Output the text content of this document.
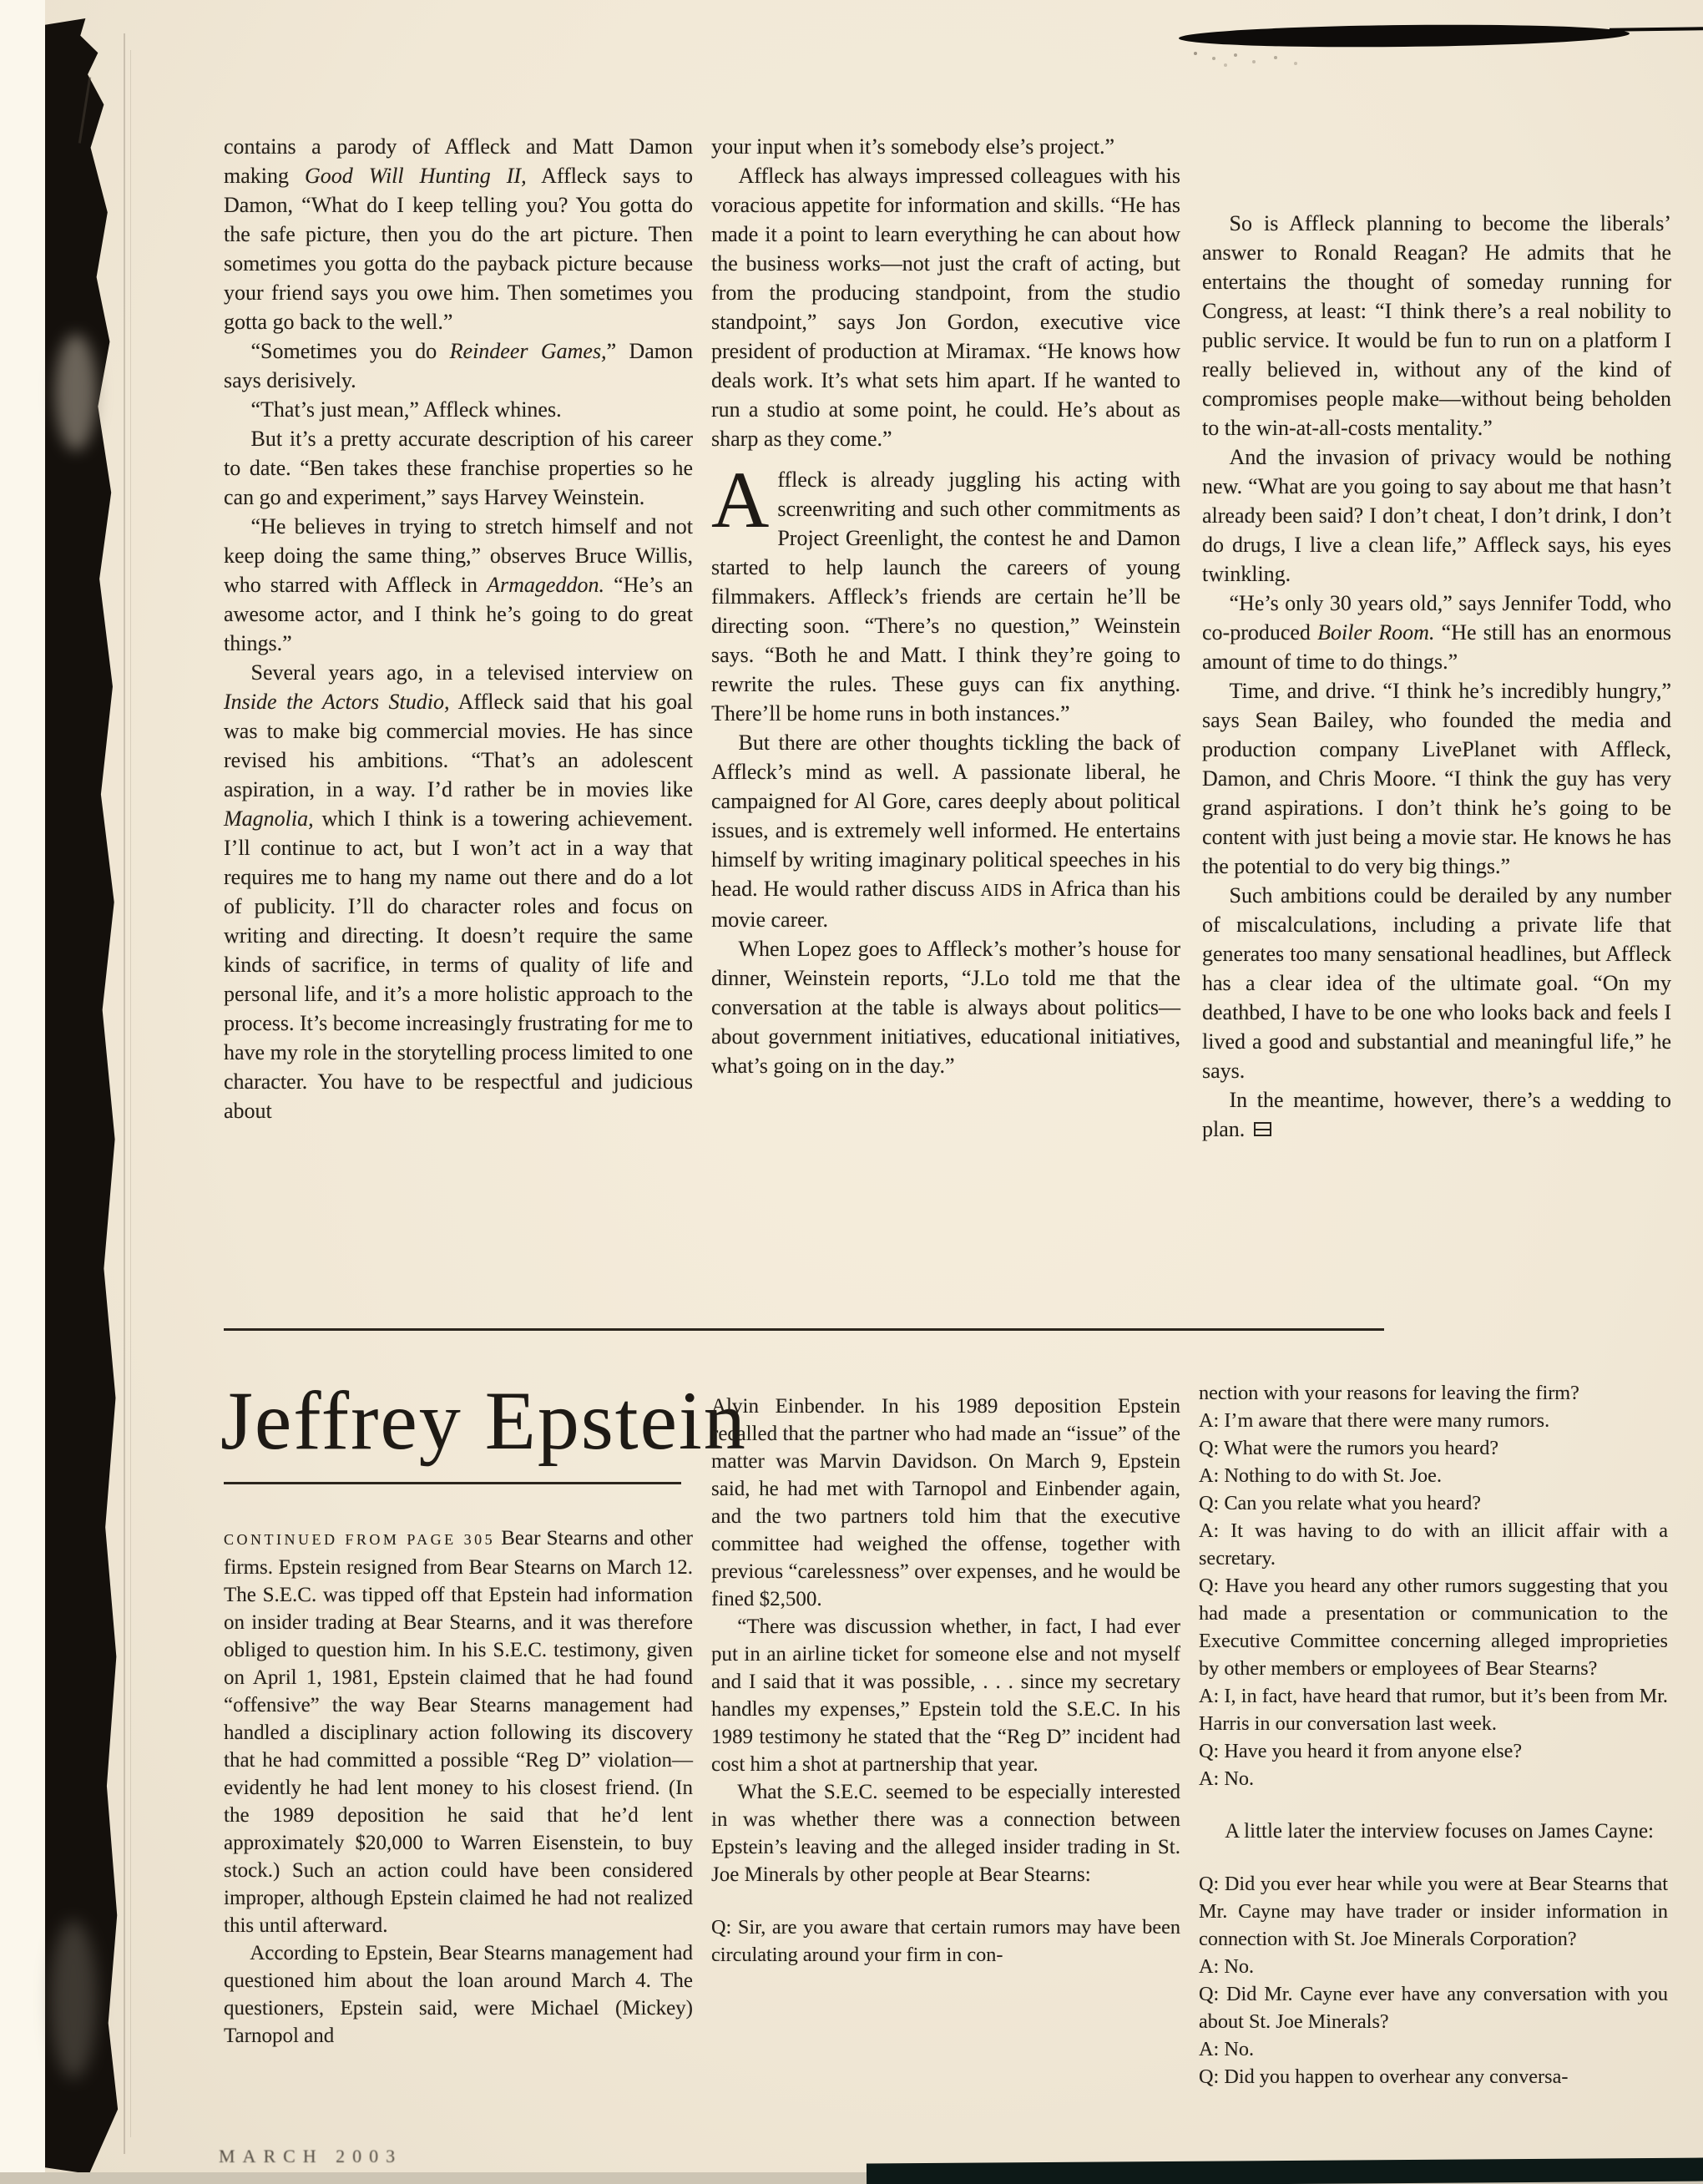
contains a parody of Affleck and Matt Damon making Good Will Hunting II, Affleck says to Damon, “What do I keep telling you? You gotta do the safe picture, then you do the art picture. Then sometimes you gotta do the payback picture because your friend says you owe him. Then sometimes you gotta go back to the well.”

“Sometimes you do Reindeer Games,” Damon says derisively.

“That’s just mean,” Affleck whines.

But it’s a pretty accurate description of his career to date. “Ben takes these franchise properties so he can go and experiment,” says Harvey Weinstein.

“He believes in trying to stretch himself and not keep doing the same thing,” observes Bruce Willis, who starred with Affleck in Armageddon. “He’s an awesome actor, and I think he’s going to do great things.”

Several years ago, in a televised interview on Inside the Actors Studio, Affleck said that his goal was to make big commercial movies. He has since revised his ambitions. “That’s an adolescent aspiration, in a way. I’d rather be in movies like Magnolia, which I think is a towering achievement. I’ll continue to act, but I won’t act in a way that requires me to hang my name out there and do a lot of publicity. I’ll do character roles and focus on writing and directing. It doesn’t require the same kinds of sacrifice, in terms of quality of life and personal life, and it’s a more holistic approach to the process. It’s become increasingly frustrating for me to have my role in the storytelling process limited to one character. You have to be respectful and judicious about

your input when it’s somebody else’s project.”

Affleck has always impressed colleagues with his voracious appetite for information and skills. “He has made it a point to learn everything he can about how the business works—not just the craft of acting, but from the producing standpoint, from the studio standpoint,” says Jon Gordon, executive vice president of production at Miramax. “He knows how deals work. It’s what sets him apart. If he wanted to run a studio at some point, he could. He’s about as sharp as they come.”

Affleck is already juggling his acting with screenwriting and such other commitments as Project Greenlight, the contest he and Damon started to help launch the careers of young filmmakers. Affleck’s friends are certain he’ll be directing soon. “There’s no question,” Weinstein says. “Both he and Matt. I think they’re going to rewrite the rules. These guys can fix anything. There’ll be home runs in both instances.”

But there are other thoughts tickling the back of Affleck’s mind as well. A passionate liberal, he campaigned for Al Gore, cares deeply about political issues, and is extremely well informed. He entertains himself by writing imaginary political speeches in his head. He would rather discuss AIDS in Africa than his movie career.

When Lopez goes to Affleck’s mother’s house for dinner, Weinstein reports, “J.Lo told me that the conversation at the table is always about politics—about government initiatives, educational initiatives, what’s going on in the day.”

So is Affleck planning to become the liberals’ answer to Ronald Reagan? He admits that he entertains the thought of someday running for Congress, at least: “I think there’s a real nobility to public service. It would be fun to run on a platform I really believed in, without any of the kind of compromises people make—without being beholden to the win-at-all-costs mentality.”

And the invasion of privacy would be nothing new. “What are you going to say about me that hasn’t already been said? I don’t cheat, I don’t drink, I don’t do drugs, I live a clean life,” Affleck says, his eyes twinkling.

“He’s only 30 years old,” says Jennifer Todd, who co-produced Boiler Room. “He still has an enormous amount of time to do things.”

Time, and drive. “I think he’s incredibly hungry,” says Sean Bailey, who founded the media and production company LivePlanet with Affleck, Damon, and Chris Moore. “I think the guy has very grand aspirations. I don’t think he’s going to be content with just being a movie star. He knows he has the potential to do very big things.”

Such ambitions could be derailed by any number of miscalculations, including a private life that generates too many sensational headlines, but Affleck has a clear idea of the ultimate goal. “On my deathbed, I have to be one who looks back and feels I lived a good and substantial and meaningful life,” he says.

In the meantime, however, there’s a wedding to plan.

Jeffrey Epstein

CONTINUED FROM PAGE 305 Bear Stearns and other firms. Epstein resigned from Bear Stearns on March 12. The S.E.C. was tipped off that Epstein had information on insider trading at Bear Stearns, and it was therefore obliged to question him. In his S.E.C. testimony, given on April 1, 1981, Epstein claimed that he had found “offensive” the way Bear Stearns management had handled a disciplinary action following its discovery that he had committed a possible “Reg D” violation—evidently he had lent money to his closest friend. (In the 1989 deposition he said that he’d lent approximately $20,000 to Warren Eisenstein, to buy stock.) Such an action could have been considered improper, although Epstein claimed he had not realized this until afterward.

According to Epstein, Bear Stearns management had questioned him about the loan around March 4. The questioners, Epstein said, were Michael (Mickey) Tarnopol and

Alvin Einbender. In his 1989 deposition Epstein recalled that the partner who had made an “issue” of the matter was Marvin Davidson. On March 9, Epstein said, he had met with Tarnopol and Einbender again, and the two partners told him that the executive committee had weighed the offense, together with previous “carelessness” over expenses, and he would be fined $2,500.

“There was discussion whether, in fact, I had ever put in an airline ticket for someone else and not myself and I said that it was possible, . . . since my secretary handles my expenses,” Epstein told the S.E.C. In his 1989 testimony he stated that the “Reg D” incident had cost him a shot at partnership that year.

What the S.E.C. seemed to be especially interested in was whether there was a connection between Epstein’s leaving and the alleged insider trading in St. Joe Minerals by other people at Bear Stearns:

Q: Sir, are you aware that certain rumors may have been circulating around your firm in con-

nection with your reasons for leaving the firm?

A: I’m aware that there were many rumors.

Q: What were the rumors you heard?

A: Nothing to do with St. Joe.

Q: Can you relate what you heard?

A: It was having to do with an illicit affair with a secretary.

Q: Have you heard any other rumors suggesting that you had made a presentation or communication to the Executive Committee concerning alleged improprieties by other members or employees of Bear Stearns?

A: I, in fact, have heard that rumor, but it’s been from Mr. Harris in our conversation last week.

Q: Have you heard it from anyone else?

A: No.

A little later the interview focuses on James Cayne:

Q: Did you ever hear while you were at Bear Stearns that Mr. Cayne may have trader or insider information in connection with St. Joe Minerals Corporation?

A: No.

Q: Did Mr. Cayne ever have any conversation with you about St. Joe Minerals?

A: No.

Q: Did you happen to overhear any conversa-

MARCH 2003
